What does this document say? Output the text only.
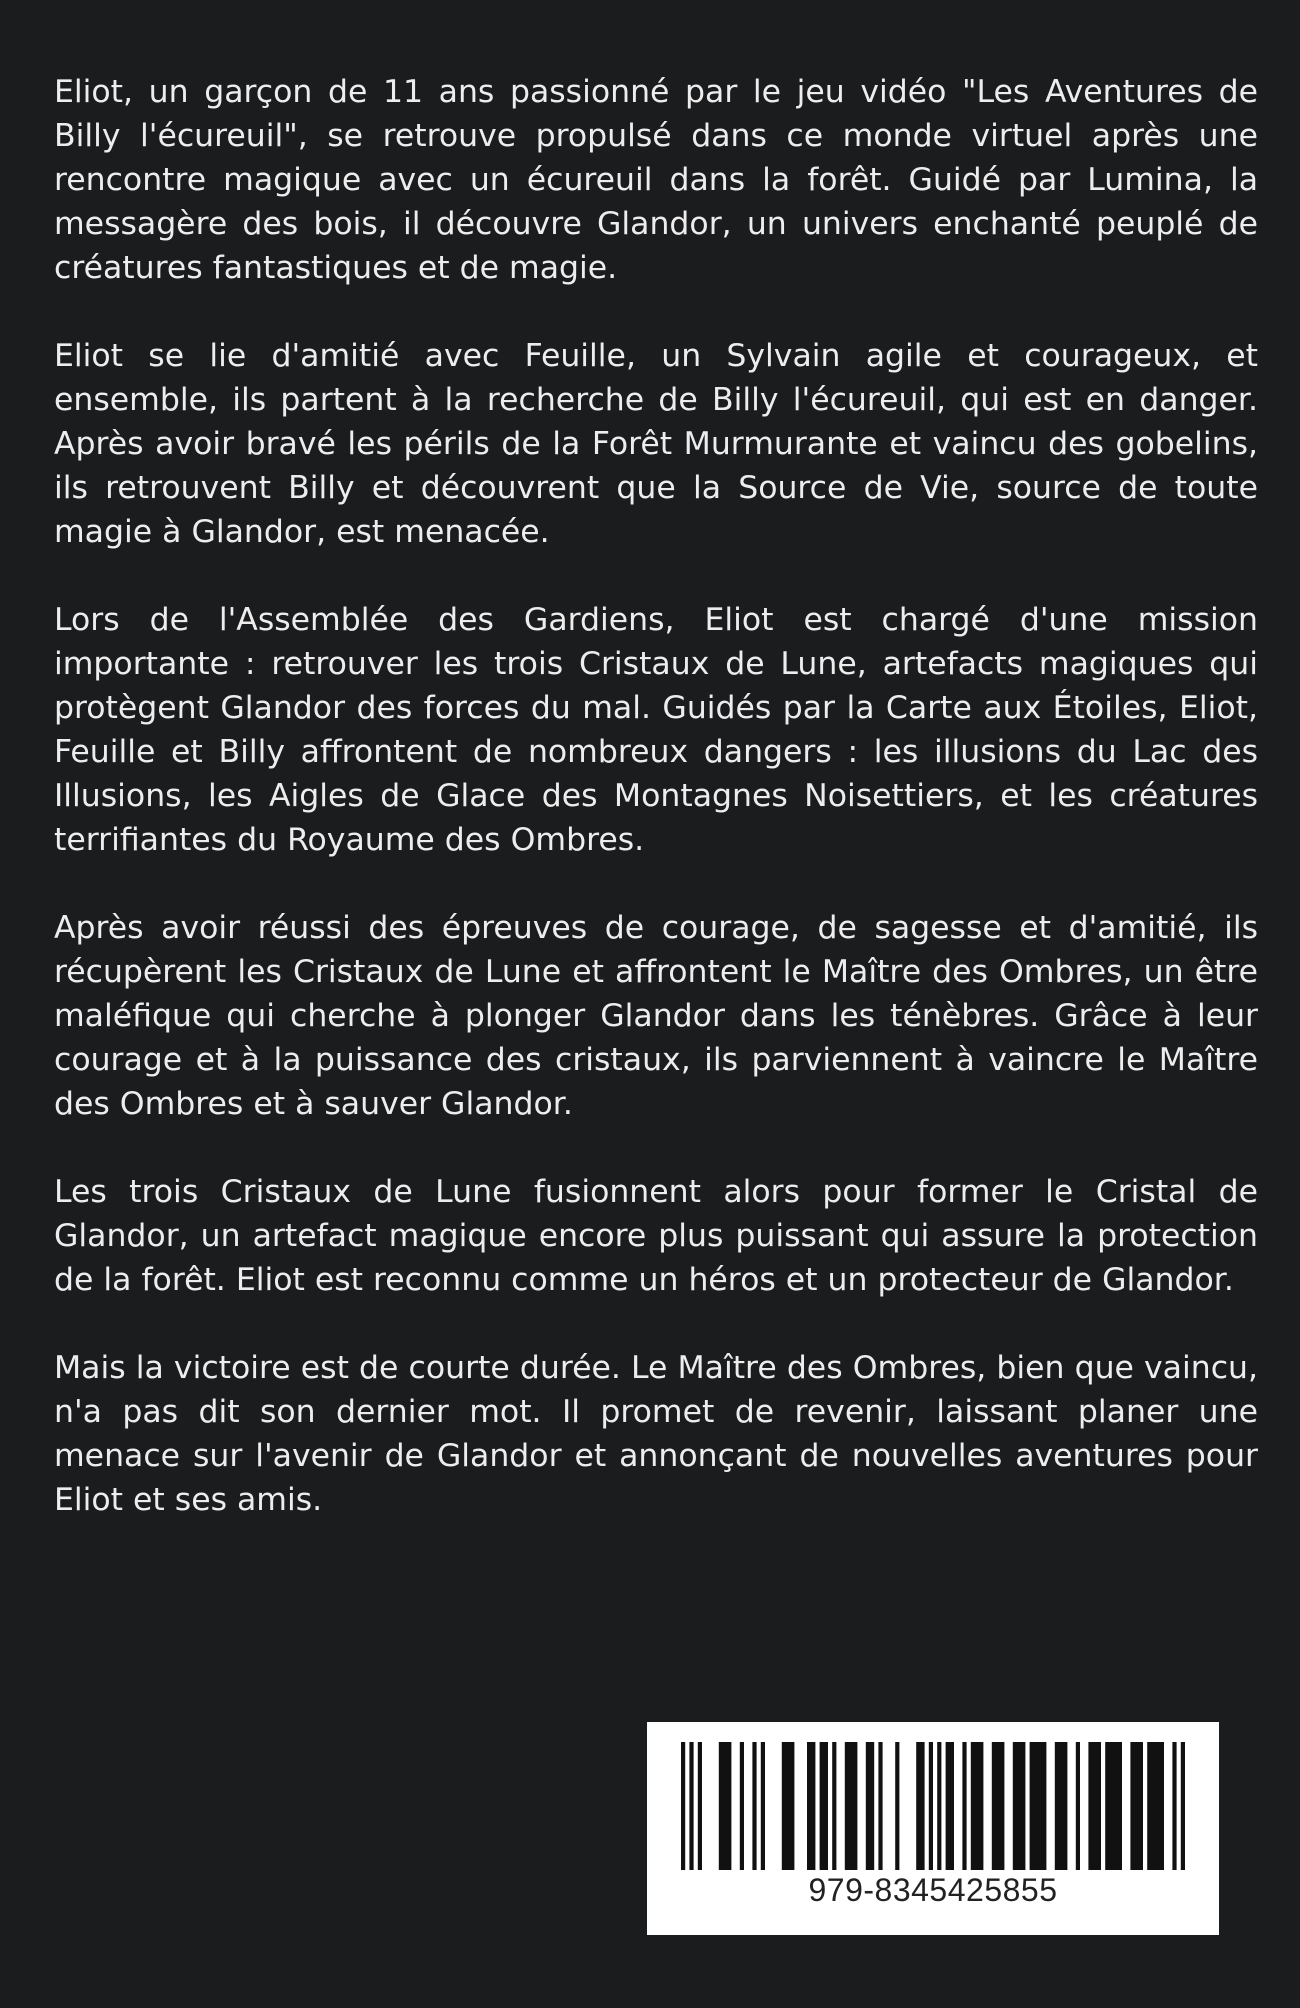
Eliot, un garçon de 11 ans passionné par le jeu vidéo "Les Aventures de Billy l'écureuil", se retrouve propulsé dans ce monde virtuel après une rencontre magique avec un écureuil dans la forêt. Guidé par Lumina, la messagère des bois, il découvre Glandor, un univers enchanté peuplé de créatures fantastiques et de magie.

Eliot se lie d'amitié avec Feuille, un Sylvain agile et courageux, et ensemble, ils partent à la recherche de Billy l'écureuil, qui est en danger. Après avoir bravé les périls de la Forêt Murmurante et vaincu des gobelins, ils retrouvent Billy et découvrent que la Source de Vie, source de toute magie à Glandor, est menacée.

Lors de l'Assemblée des Gardiens, Eliot est chargé d'une mission importante : retrouver les trois Cristaux de Lune, artefacts magiques qui protègent Glandor des forces du mal. Guidés par la Carte aux Étoiles, Eliot, Feuille et Billy affrontent de nombreux dangers : les illusions du Lac des Illusions, les Aigles de Glace des Montagnes Noisettiers, et les créatures terrifiantes du Royaume des Ombres.

Après avoir réussi des épreuves de courage, de sagesse et d'amitié, ils récupèrent les Cristaux de Lune et affrontent le Maître des Ombres, un être maléfique qui cherche à plonger Glandor dans les ténèbres. Grâce à leur courage et à la puissance des cristaux, ils parviennent à vaincre le Maître des Ombres et à sauver Glandor.

Les trois Cristaux de Lune fusionnent alors pour former le Cristal de Glandor, un artefact magique encore plus puissant qui assure la protection de la forêt. Eliot est reconnu comme un héros et un protecteur de Glandor.

Mais la victoire est de courte durée. Le Maître des Ombres, bien que vaincu, n'a pas dit son dernier mot. Il promet de revenir, laissant planer une menace sur l'avenir de Glandor et annonçant de nouvelles aventures pour Eliot et ses amis.

979-8345425855
